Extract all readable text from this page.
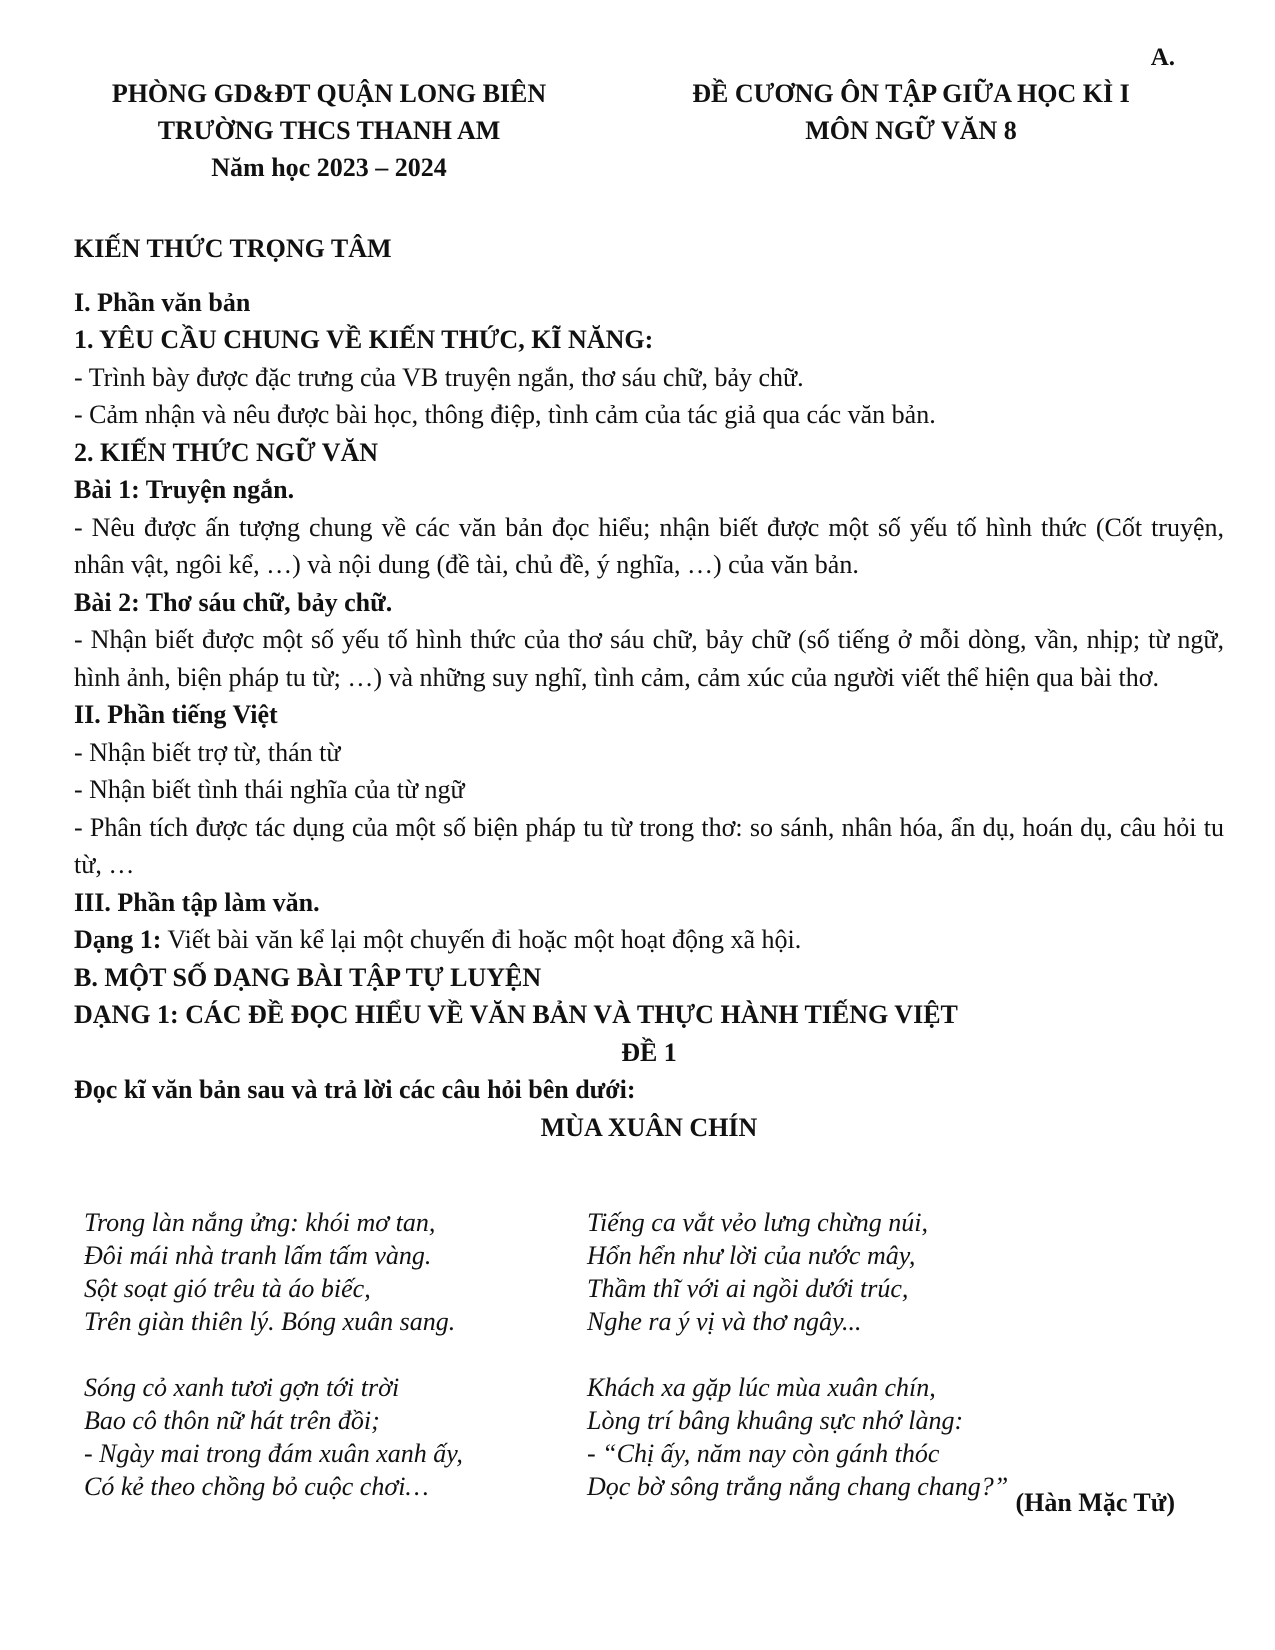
A.
PHÒNG GD&ĐT QUẬN LONG BIÊN
TRƯỜNG THCS THANH AM
Năm học 2023 – 2024
ĐỀ CƯƠNG ÔN TẬP GIỮA HỌC KÌ I
MÔN NGỮ VĂN 8
KIẾN THỨC TRỌNG TÂM
I. Phần văn bản
1. YÊU CẦU CHUNG VỀ KIẾN THỨC, KĨ NĂNG:
- Trình bày được đặc trưng của VB truyện ngắn, thơ sáu chữ, bảy chữ.
- Cảm nhận và nêu được bài học, thông điệp, tình cảm của tác giả qua các văn bản.
2. KIẾN THỨC NGỮ VĂN
Bài 1: Truyện ngắn.
- Nêu được ấn tượng chung về các văn bản đọc hiểu; nhận biết được một số yếu tố hình thức (Cốt truyện, nhân vật, ngôi kể, …) và nội dung (đề tài, chủ đề, ý nghĩa, …) của văn bản.
Bài 2: Thơ sáu chữ, bảy chữ.
- Nhận biết được một số yếu tố hình thức của thơ sáu chữ, bảy chữ (số tiếng ở mỗi dòng, vần, nhịp; từ ngữ, hình ảnh, biện pháp tu từ; …) và những suy nghĩ, tình cảm, cảm xúc của người viết thể hiện qua bài thơ.
II. Phần tiếng Việt
- Nhận biết trợ từ, thán từ
- Nhận biết tình thái nghĩa của từ ngữ
- Phân tích được tác dụng của một số biện pháp tu từ trong thơ: so sánh, nhân hóa, ẩn dụ, hoán dụ, câu hỏi tu từ, …
III. Phần tập làm văn.
Dạng 1: Viết bài văn kể lại một chuyến đi hoặc một hoạt động xã hội.
B. MỘT SỐ DẠNG BÀI TẬP TỰ LUYỆN
DẠNG 1: CÁC ĐỀ ĐỌC HIỂU VỀ VĂN BẢN VÀ THỰC HÀNH TIẾNG VIỆT
ĐỀ 1
Đọc kĩ văn bản sau và trả lời các câu hỏi bên dưới:
MÙA XUÂN CHÍN
Trong làn nắng ửng: khói mơ tan,
Đôi mái nhà tranh lấm tấm vàng.
Sột soạt gió trêu tà áo biếc,
Trên giàn thiên lý. Bóng xuân sang.
Tiếng ca vắt vẻo lưng chừng núi,
Hổn hển như lời của nước mây,
Thầm thĩ với ai ngồi dưới trúc,
Nghe ra ý vị và thơ ngây...
Sóng cỏ xanh tươi gợn tới trời
Bao cô thôn nữ hát trên đồi;
- Ngày mai trong đám xuân xanh ấy,
Có kẻ theo chồng bỏ cuộc chơi…
Khách xa gặp lúc mùa xuân chín,
Lòng trí bâng khuâng sực nhớ làng:
- “Chị ấy, năm nay còn gánh thóc
Dọc bờ sông trắng nắng chang chang?”
(Hàn Mặc Tử)
